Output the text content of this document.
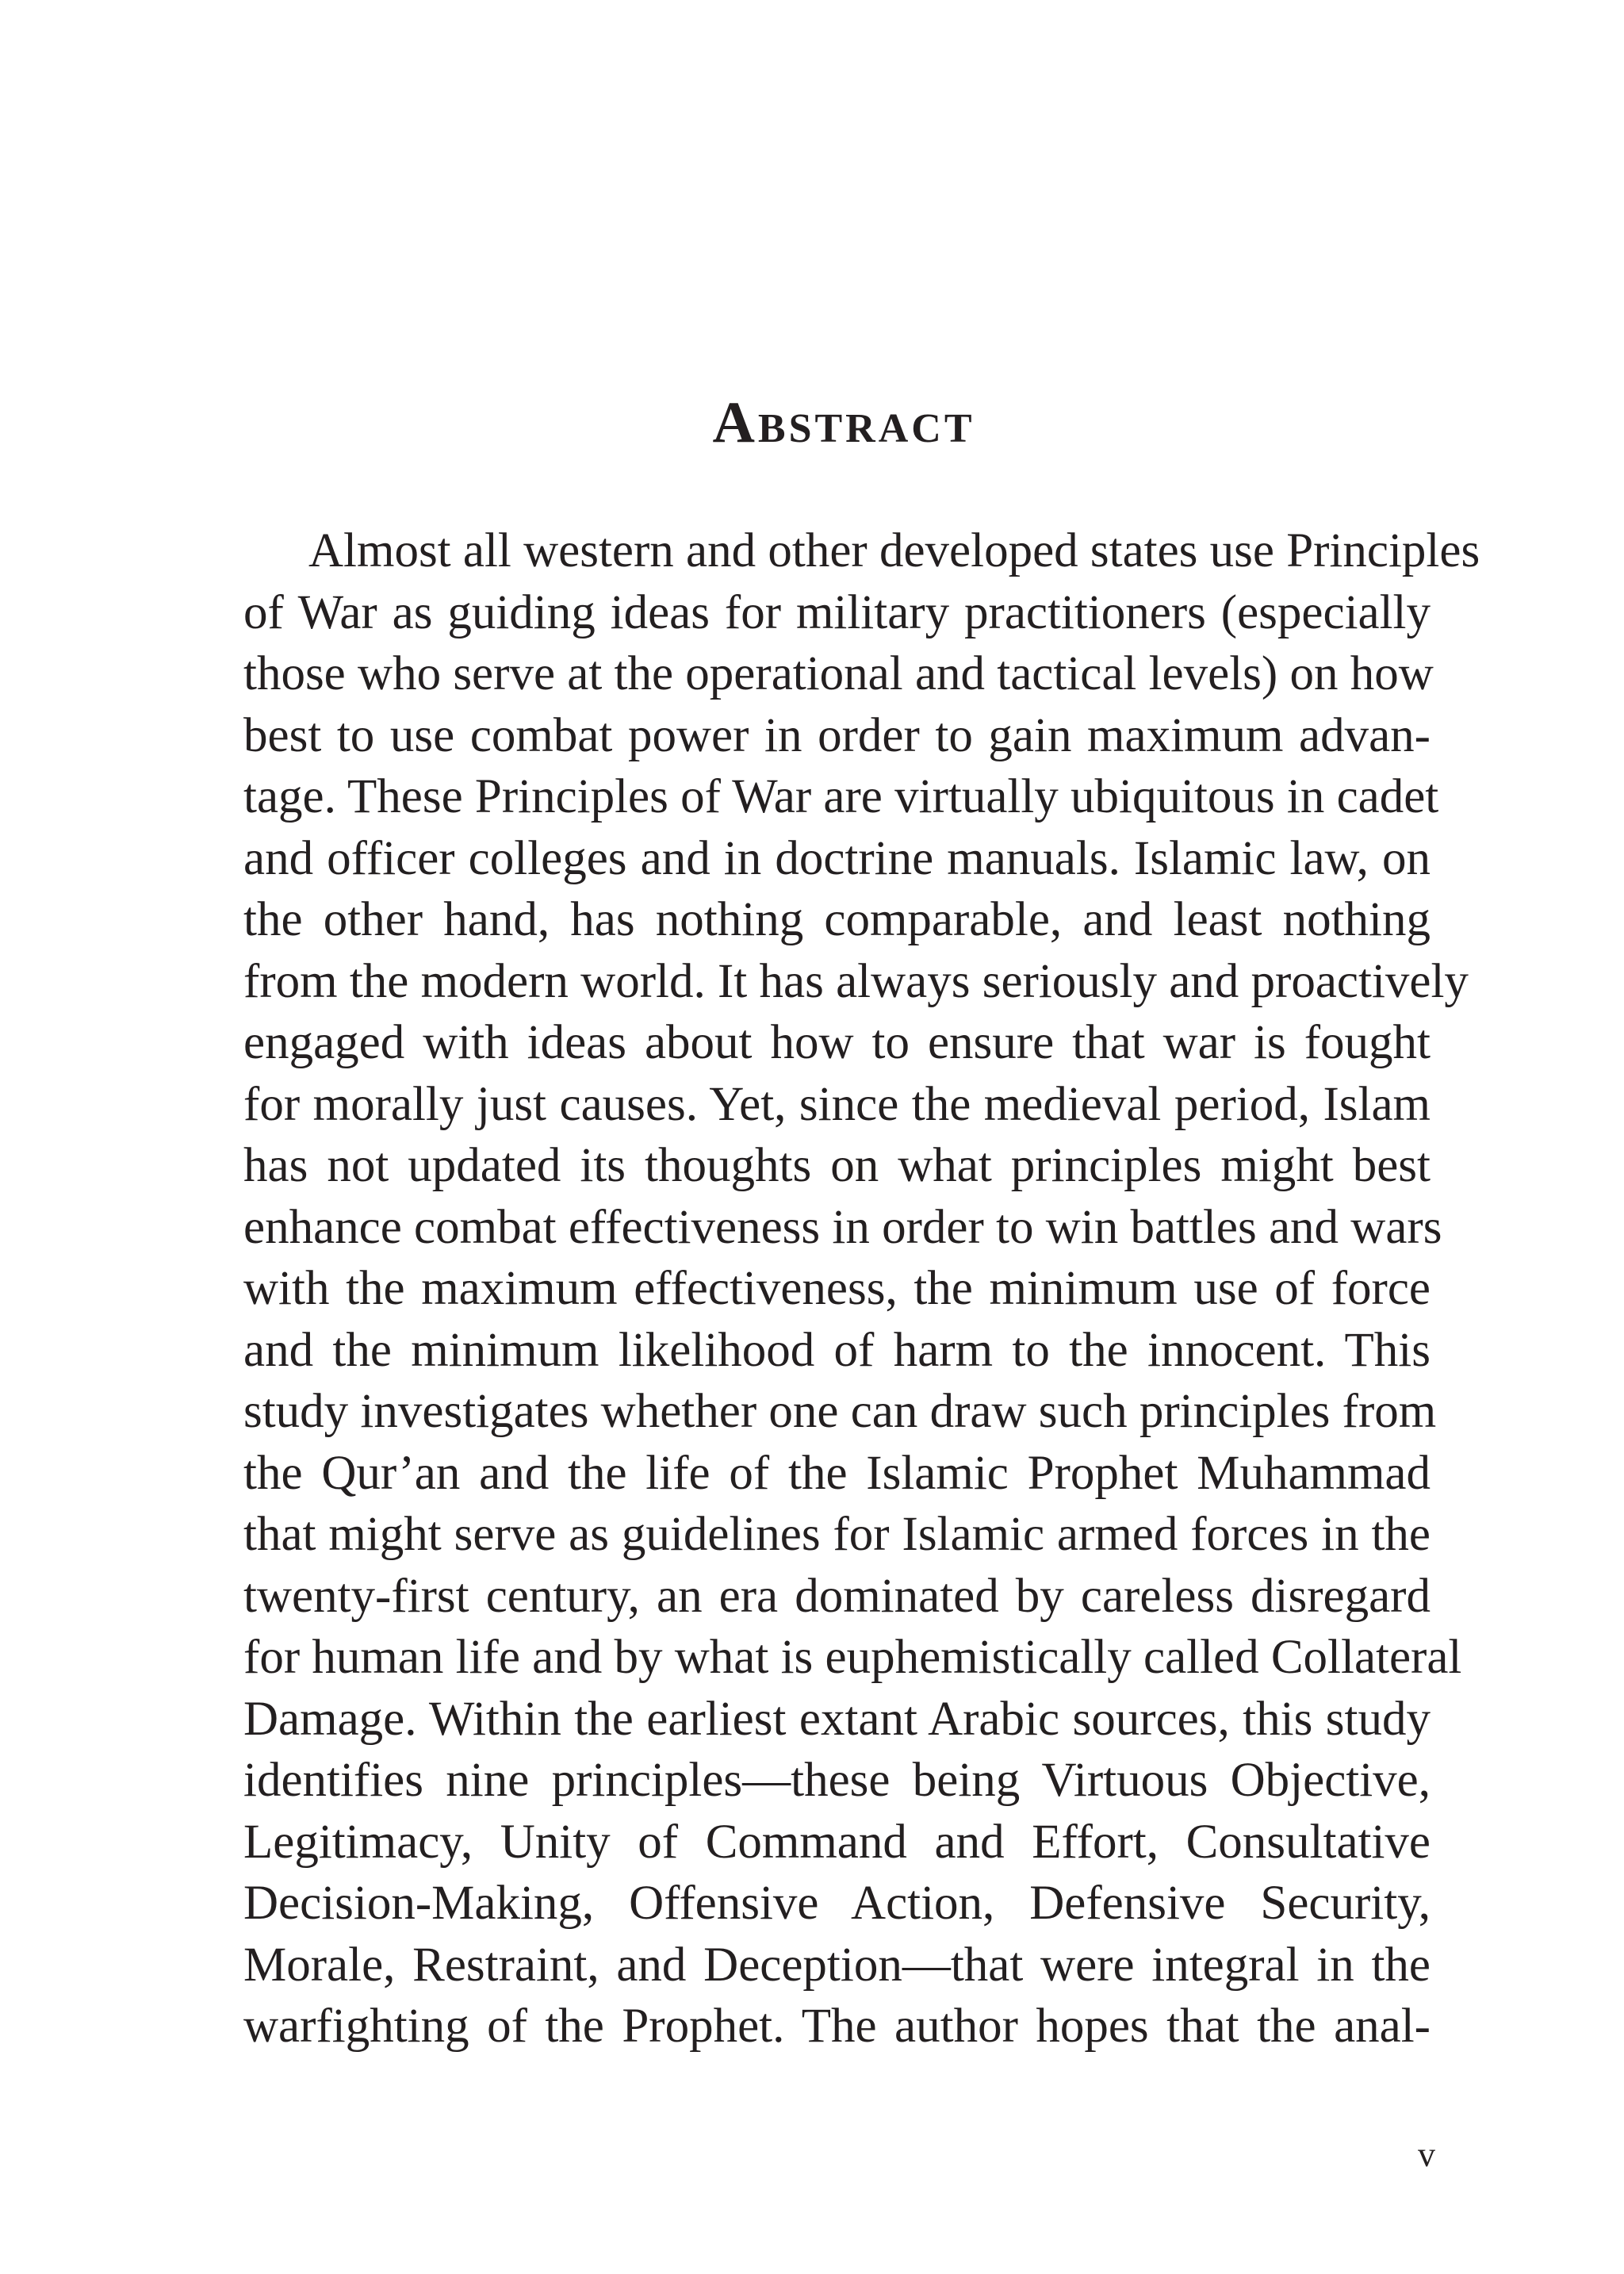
Abstract
Almost all western and other developed states use Principles
of War as guiding ideas for military practitioners (especially
those who serve at the operational and tactical levels) on how
best to use combat power in order to gain maximum advan-
tage. These Principles of War are virtually ubiquitous in cadet
and officer colleges and in doctrine manuals. Islamic law, on
the other hand, has nothing comparable, and least nothing
from the modern world. It has always seriously and proactively
engaged with ideas about how to ensure that war is fought
for morally just causes. Yet, since the medieval period, Islam
has not updated its thoughts on what principles might best
enhance combat effectiveness in order to win battles and wars
with the maximum effectiveness, the minimum use of force
and the minimum likelihood of harm to the innocent. This
study investigates whether one can draw such principles from
the Qur’an and the life of the Islamic Prophet Muhammad
that might serve as guidelines for Islamic armed forces in the
twenty-first century, an era dominated by careless disregard
for human life and by what is euphemistically called Collateral
Damage. Within the earliest extant Arabic sources, this study
identifies nine principles—these being Virtuous Objective,
Legitimacy, Unity of Command and Effort, Consultative
Decision-Making, Offensive Action, Defensive Security,
Morale, Restraint, and Deception—that were integral in the
warfighting of the Prophet. The author hopes that the anal-
v
